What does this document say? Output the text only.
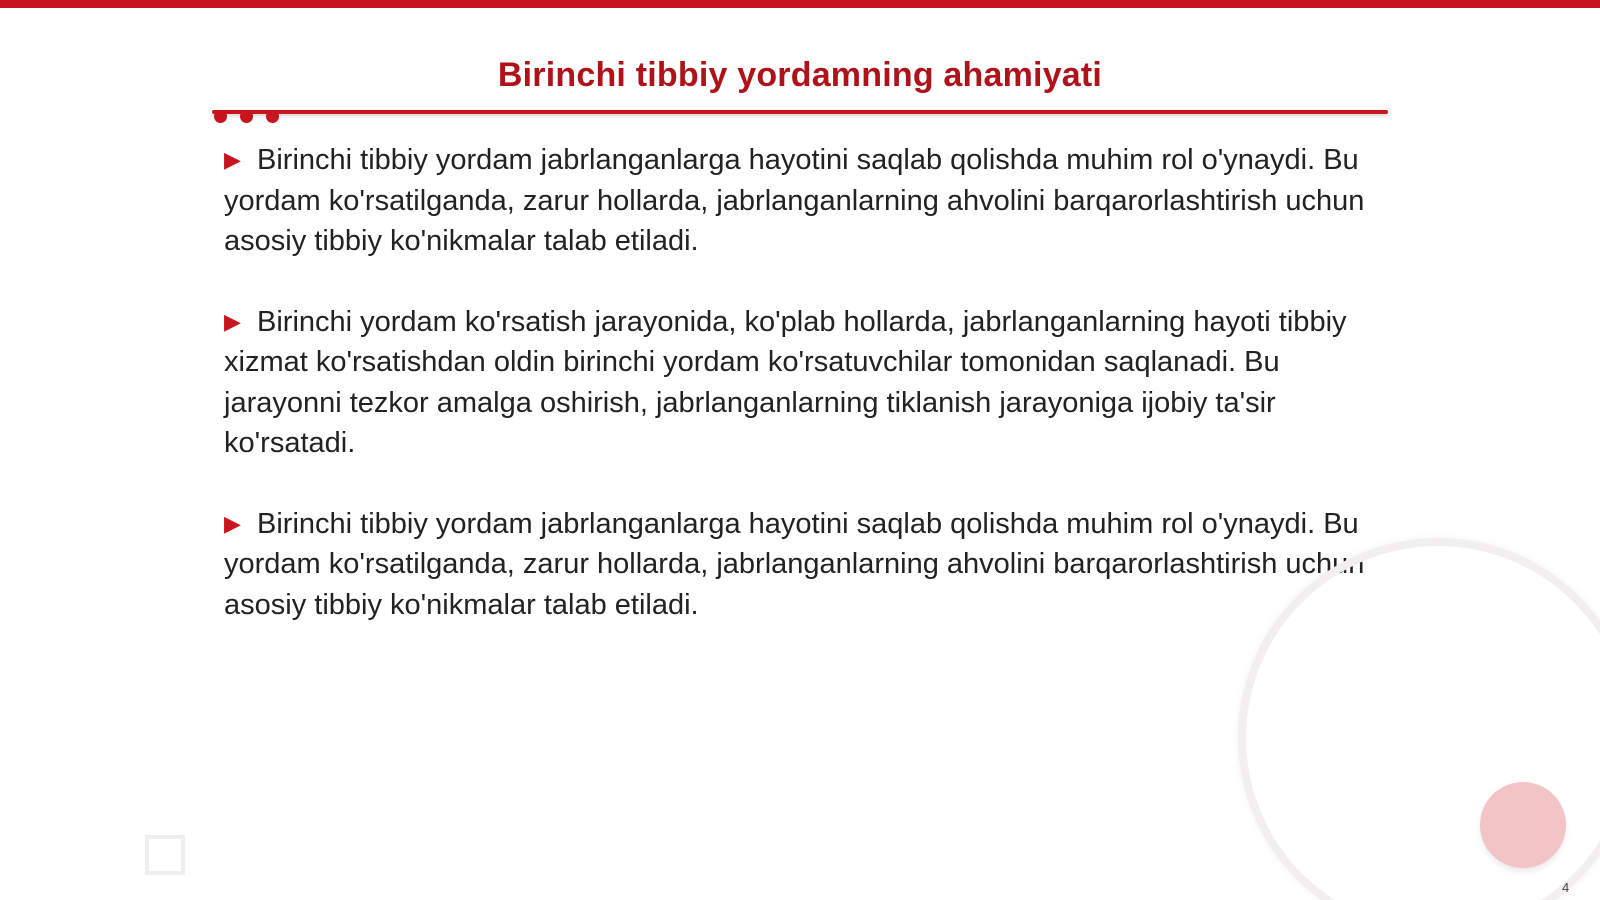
Birinchi tibbiy yordamning ahamiyati

▶ Birinchi tibbiy yordam jabrlanganlarga hayotini saqlab qolishda muhim rol o'ynaydi. Bu yordam ko'rsatilganda, zarur hollarda, jabrlanganlarning ahvolini barqarorlashtirish uchun asosiy tibbiy ko'nikmalar talab etiladi.

▶ Birinchi yordam ko'rsatish jarayonida, ko'plab hollarda, jabrlanganlarning hayoti tibbiy xizmat ko'rsatishdan oldin birinchi yordam ko'rsatuvchilar tomonidan saqlanadi. Bu jarayonni tezkor amalga oshirish, jabrlanganlarning tiklanish jarayoniga ijobiy ta'sir ko'rsatadi.

▶ Birinchi tibbiy yordam jabrlanganlarga hayotini saqlab qolishda muhim rol o'ynaydi. Bu yordam ko'rsatilganda, zarur hollarda, jabrlanganlarning ahvolini barqarorlashtirish uchun asosiy tibbiy ko'nikmalar talab etiladi.

4
